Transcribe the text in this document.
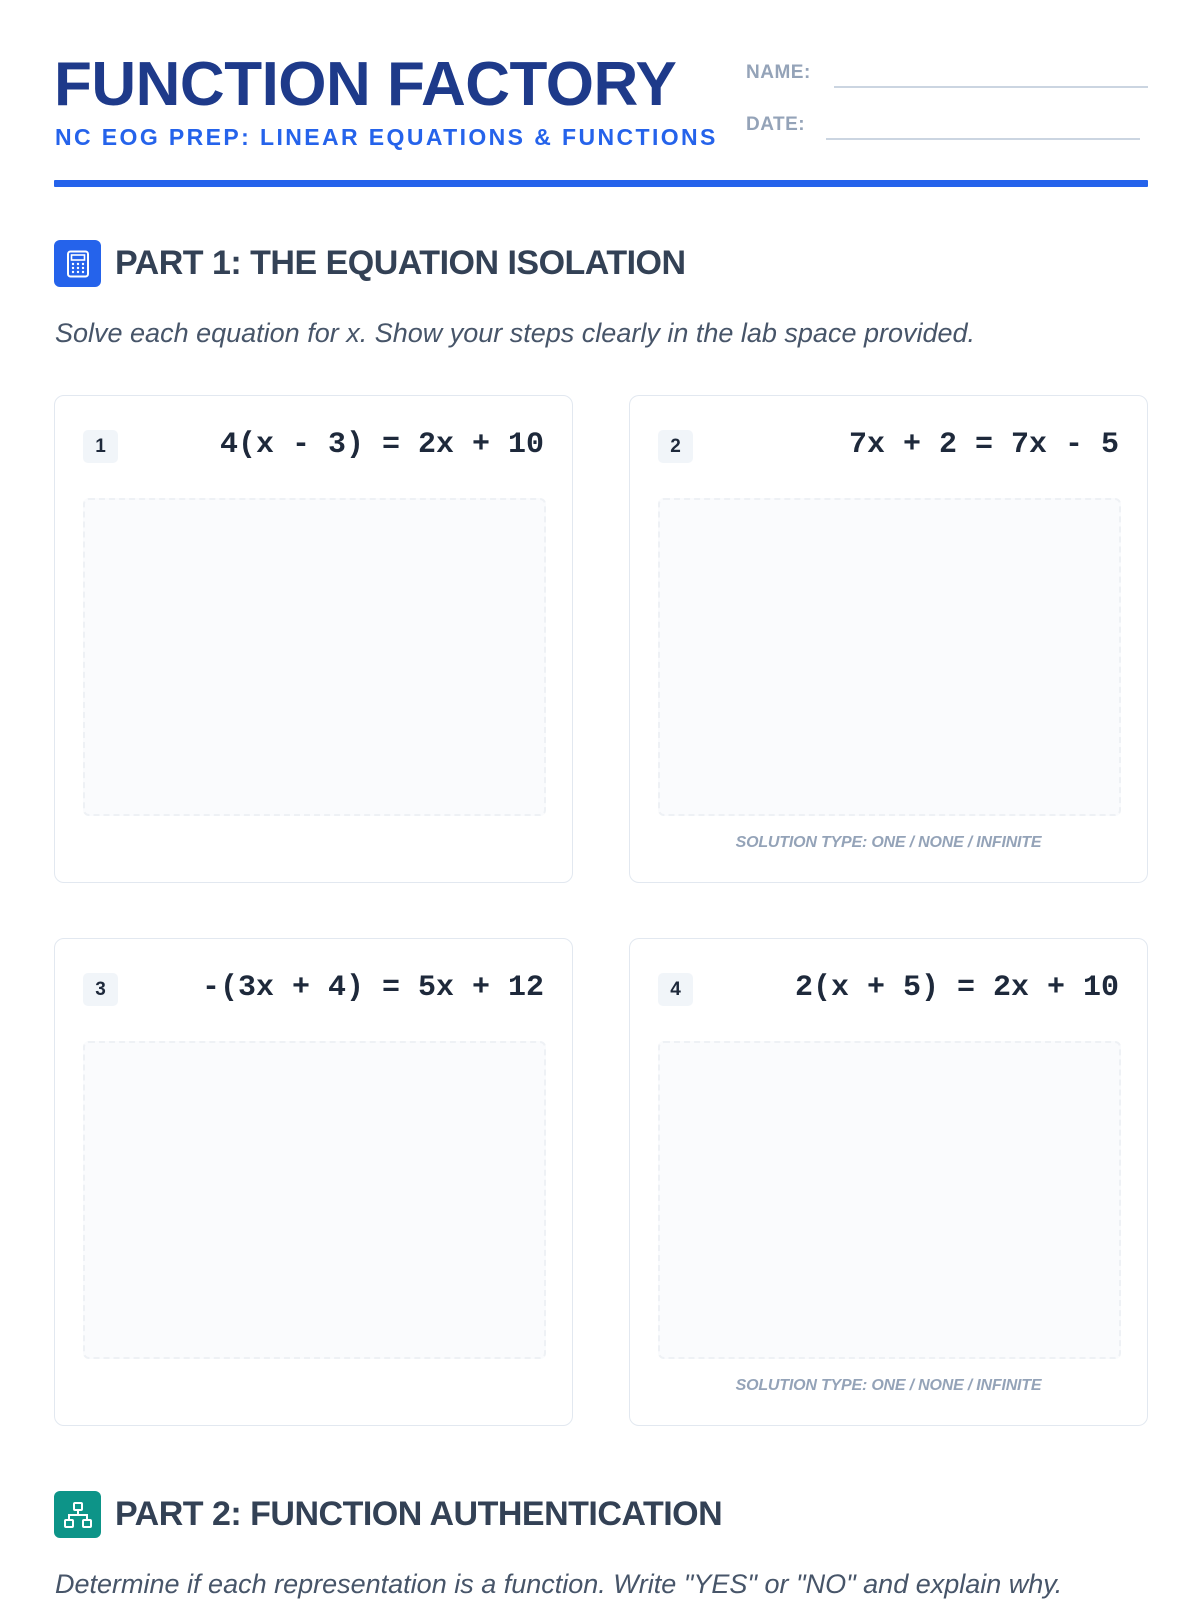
FUNCTION FACTORY
NC EOG PREP: LINEAR EQUATIONS & FUNCTIONS
NAME:
DATE:
PART 1: THE EQUATION ISOLATION
Solve each equation for x. Show your steps clearly in the lab space provided.
1	4(x - 3) = 2x + 10	2	7x + 2 = 7x - 5
SOLUTION TYPE: ONE / NONE / INFINITE
3	-(3x + 4) = 5x + 12	4	2(x + 5) = 2x + 10
SOLUTION TYPE: ONE / NONE / INFINITE
PART 2: FUNCTION AUTHENTICATION
Determine if each representation is a function. Write "YES" or "NO" and explain why.
